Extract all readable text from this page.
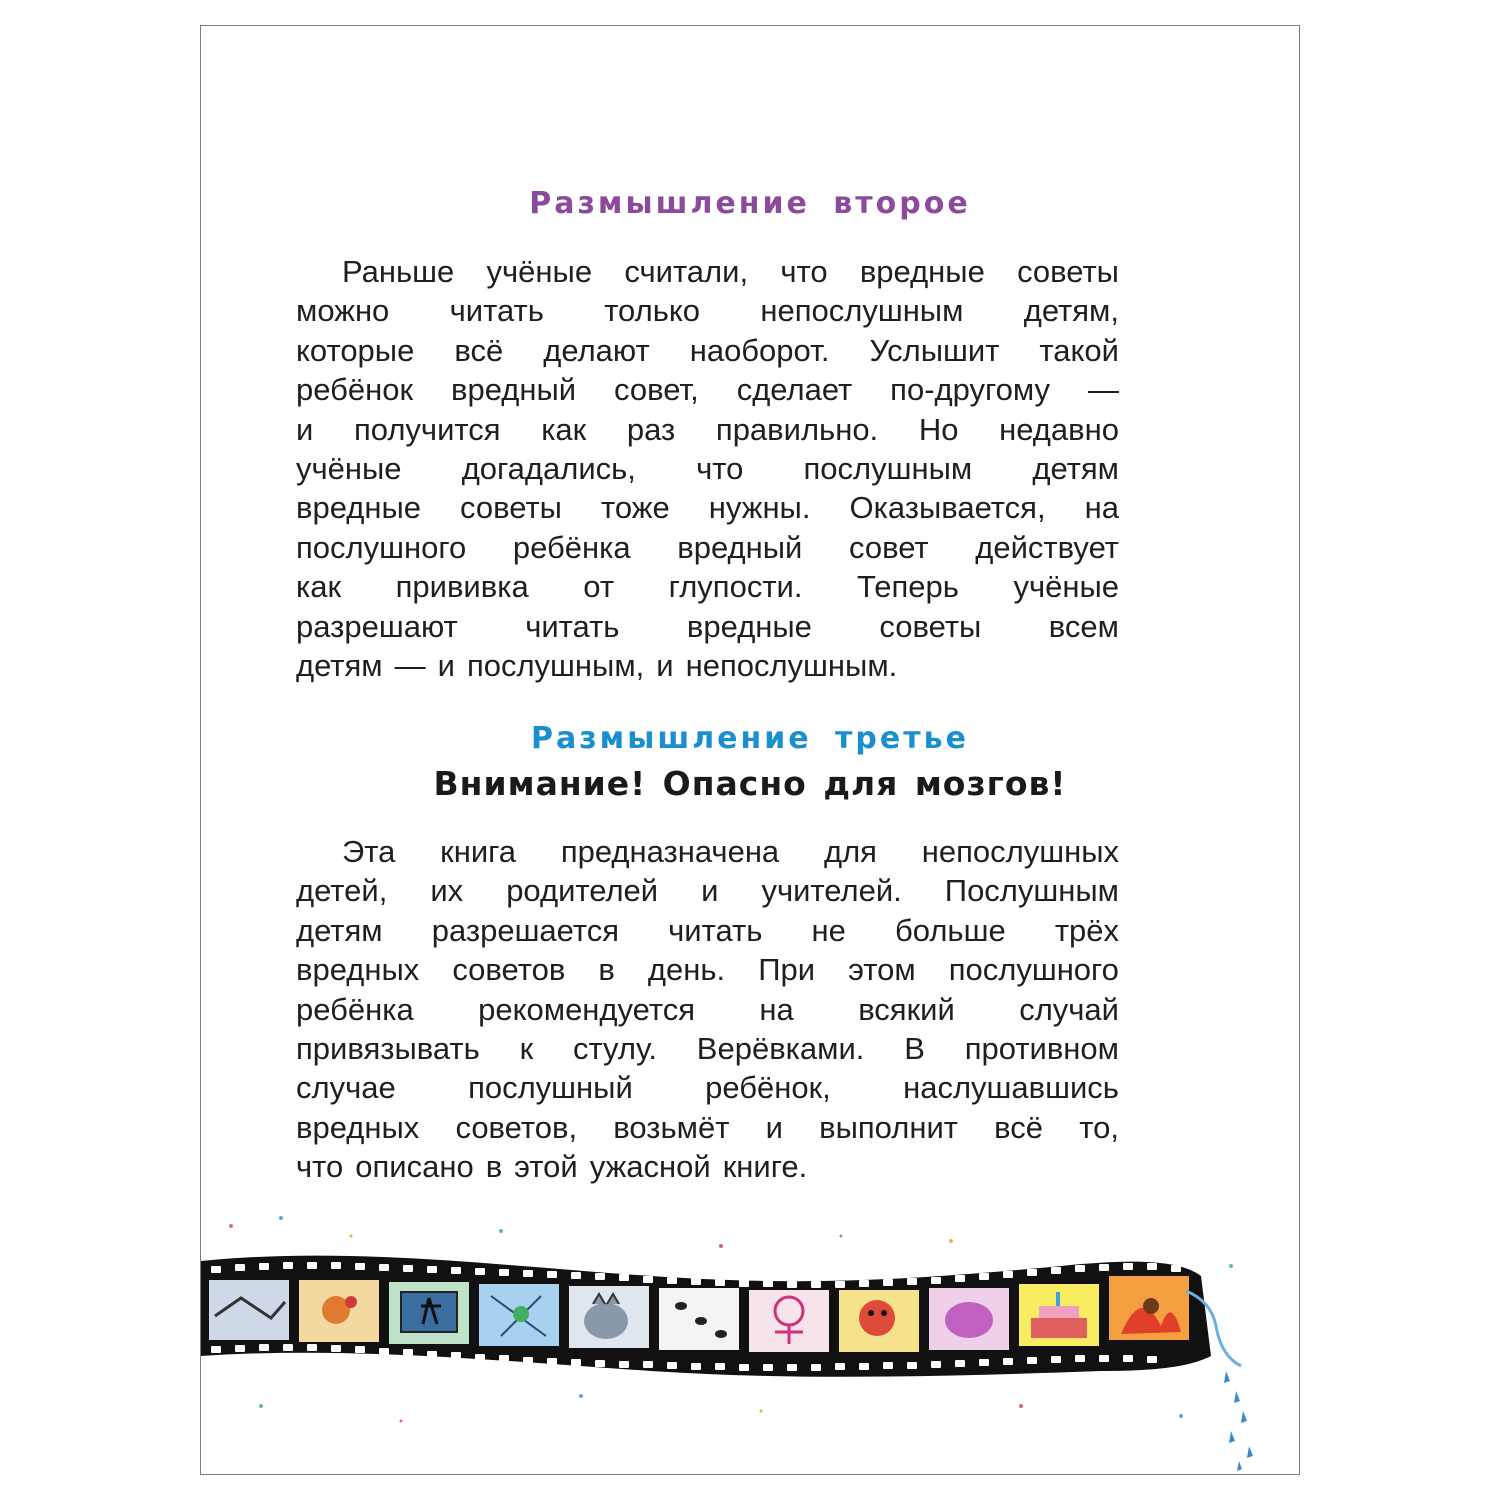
Размышление второе
Раньше учёные считали, что вредные советы
можно читать только непослушным детям,
которые всё делают наоборот. Услышит такой
ребёнок вредный совет, сделает по-другому —
и получится как раз правильно. Но недавно
учёные догадались, что послушным детям
вредные советы тоже нужны. Оказывается, на
послушного ребёнка вредный совет действует
как прививка от глупости. Теперь учёные
разрешают читать вредные советы всем
детям — и послушным, и непослушным.
Размышление третье
Внимание! Опасно для мозгов!
Эта книга предназначена для непослушных
детей, их родителей и учителей. Послушным
детям разрешается читать не больше трёх
вредных советов в день. При этом послушного
ребёнка рекомендуется на всякий случай
привязывать к стулу. Верёвками. В противном
случае послушный ребёнок, наслушавшись
вредных советов, возьмёт и выполнит всё то,
что описано в этой ужасной книге.
